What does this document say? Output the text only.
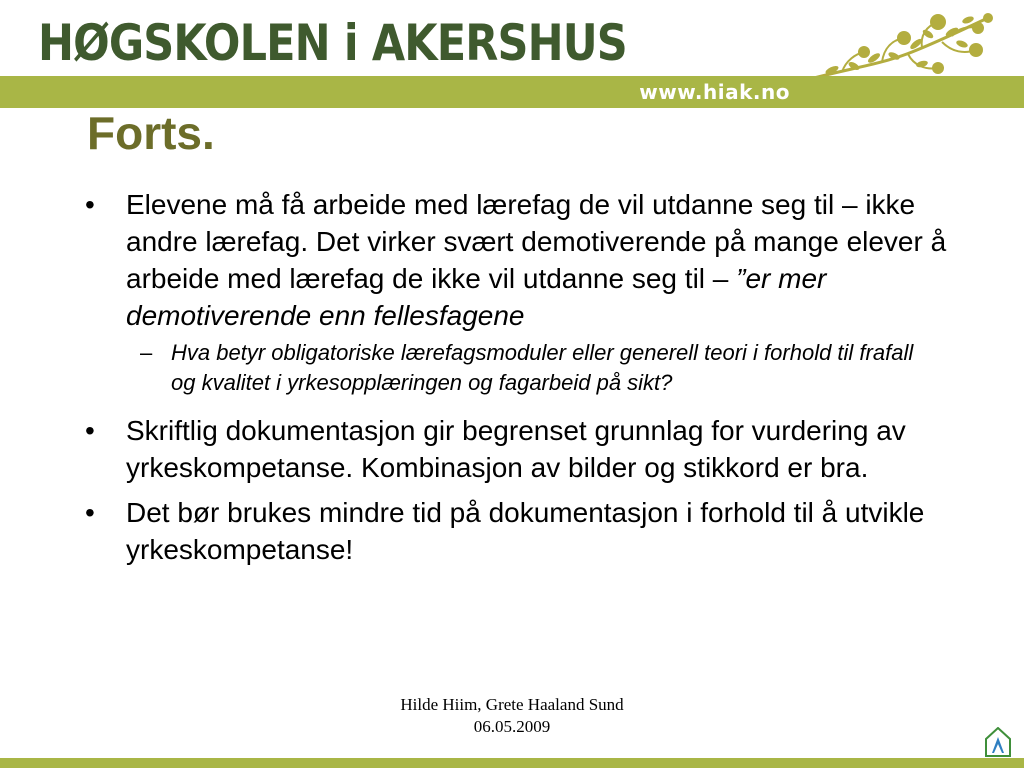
HØGSKOLEN i AKERSHUS
www.hiak.no
Forts.
• Elevene må få arbeide med lærefag de vil utdanne seg til – ikke andre lærefag. Det virker svært demotiverende på mange elever å arbeide med lærefag de ikke vil utdanne seg til – ”er mer demotiverende enn fellesfagene
– Hva betyr obligatoriske lærefagsmoduler eller generell teori i forhold til frafall og kvalitet i yrkesopplæringen og fagarbeid på sikt?
• Skriftlig dokumentasjon gir begrenset grunnlag for vurdering av yrkeskompetanse. Kombinasjon av bilder og stikkord er bra.
• Det bør brukes mindre tid på dokumentasjon i forhold til å utvikle yrkeskompetanse!
Hilde Hiim, Grete Haaland Sund
06.05.2009
